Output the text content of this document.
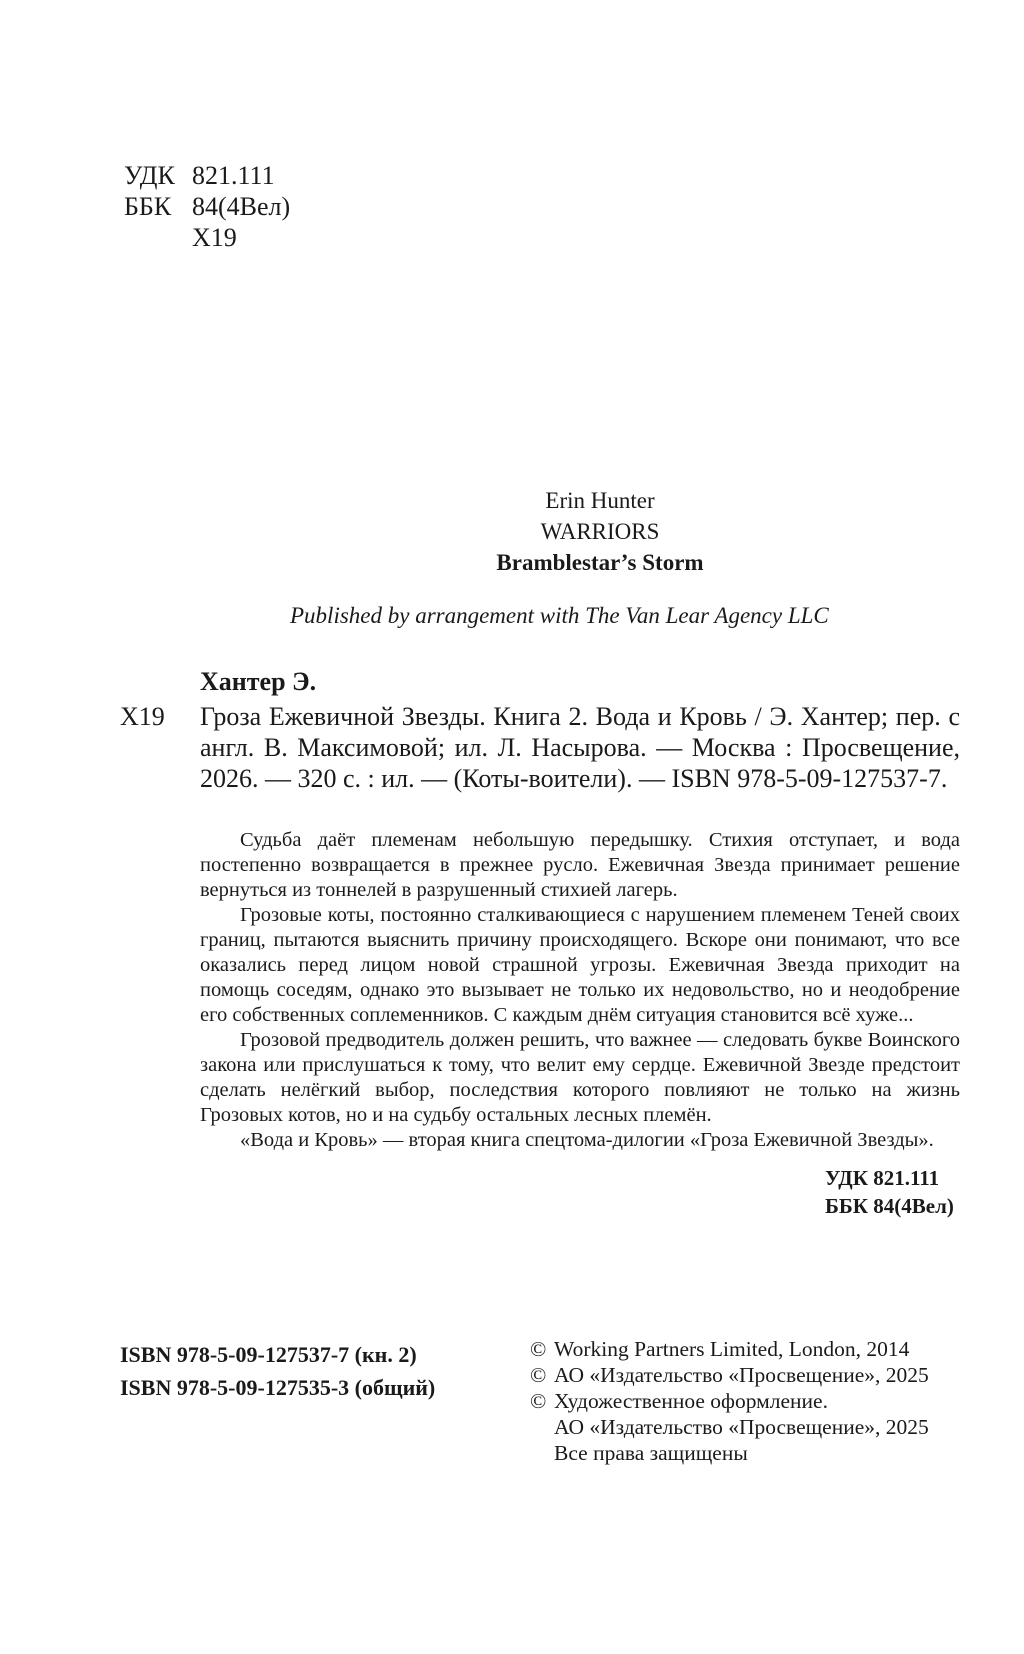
УДК 821.111
ББК 84(4Вел)
Х19
Erin Hunter
WARRIORS
Bramblestar’s Storm
Published by arrangement with The Van Lear Agency LLC
Хантер Э.
Х19 Гроза Ежевичной Звезды. Книга 2. Вода и Кровь / Э. Хантер; пер. с англ. В. Максимовой; ил. Л. Насырова. — Москва : Просвещение, 2026. — 320 с. : ил. — (Коты-воители). — ISBN 978-5-09-127537-7.

Судьба даёт племенам небольшую передышку. Стихия отступает, и вода постепенно возвращается в прежнее русло. Ежевичная Звезда принимает решение вернуться из тоннелей в разрушенный стихией лагерь.

Грозовые коты, постоянно сталкивающиеся с нарушением племенем Теней своих границ, пытаются выяснить причину происходящего. Вскоре они понимают, что все оказались перед лицом новой страшной угрозы. Ежевичная Звезда приходит на помощь соседям, однако это вызывает не только их недовольство, но и неодобрение его собственных соплеменников. С каждым днём ситуация становится всё хуже...

Грозовой предводитель должен решить, что важнее — следовать букве Воинского закона или прислушаться к тому, что велит ему сердце. Ежевичной Звезде предстоит сделать нелёгкий выбор, последствия которого повлияют не только на жизнь Грозовых котов, но и на судьбу остальных лесных племён.

«Вода и Кровь» — вторая книга спецтома-дилогии «Гроза Ежевичной Звезды».

УДК 821.111
ББК 84(4Вел)
ISBN 978-5-09-127537-7 (кн. 2)
ISBN 978-5-09-127535-3 (общий)
© Working Partners Limited, London, 2014
© АО «Издательство «Просвещение», 2025
© Художественное оформление.
АО «Издательство «Просвещение», 2025
Все права защищены
